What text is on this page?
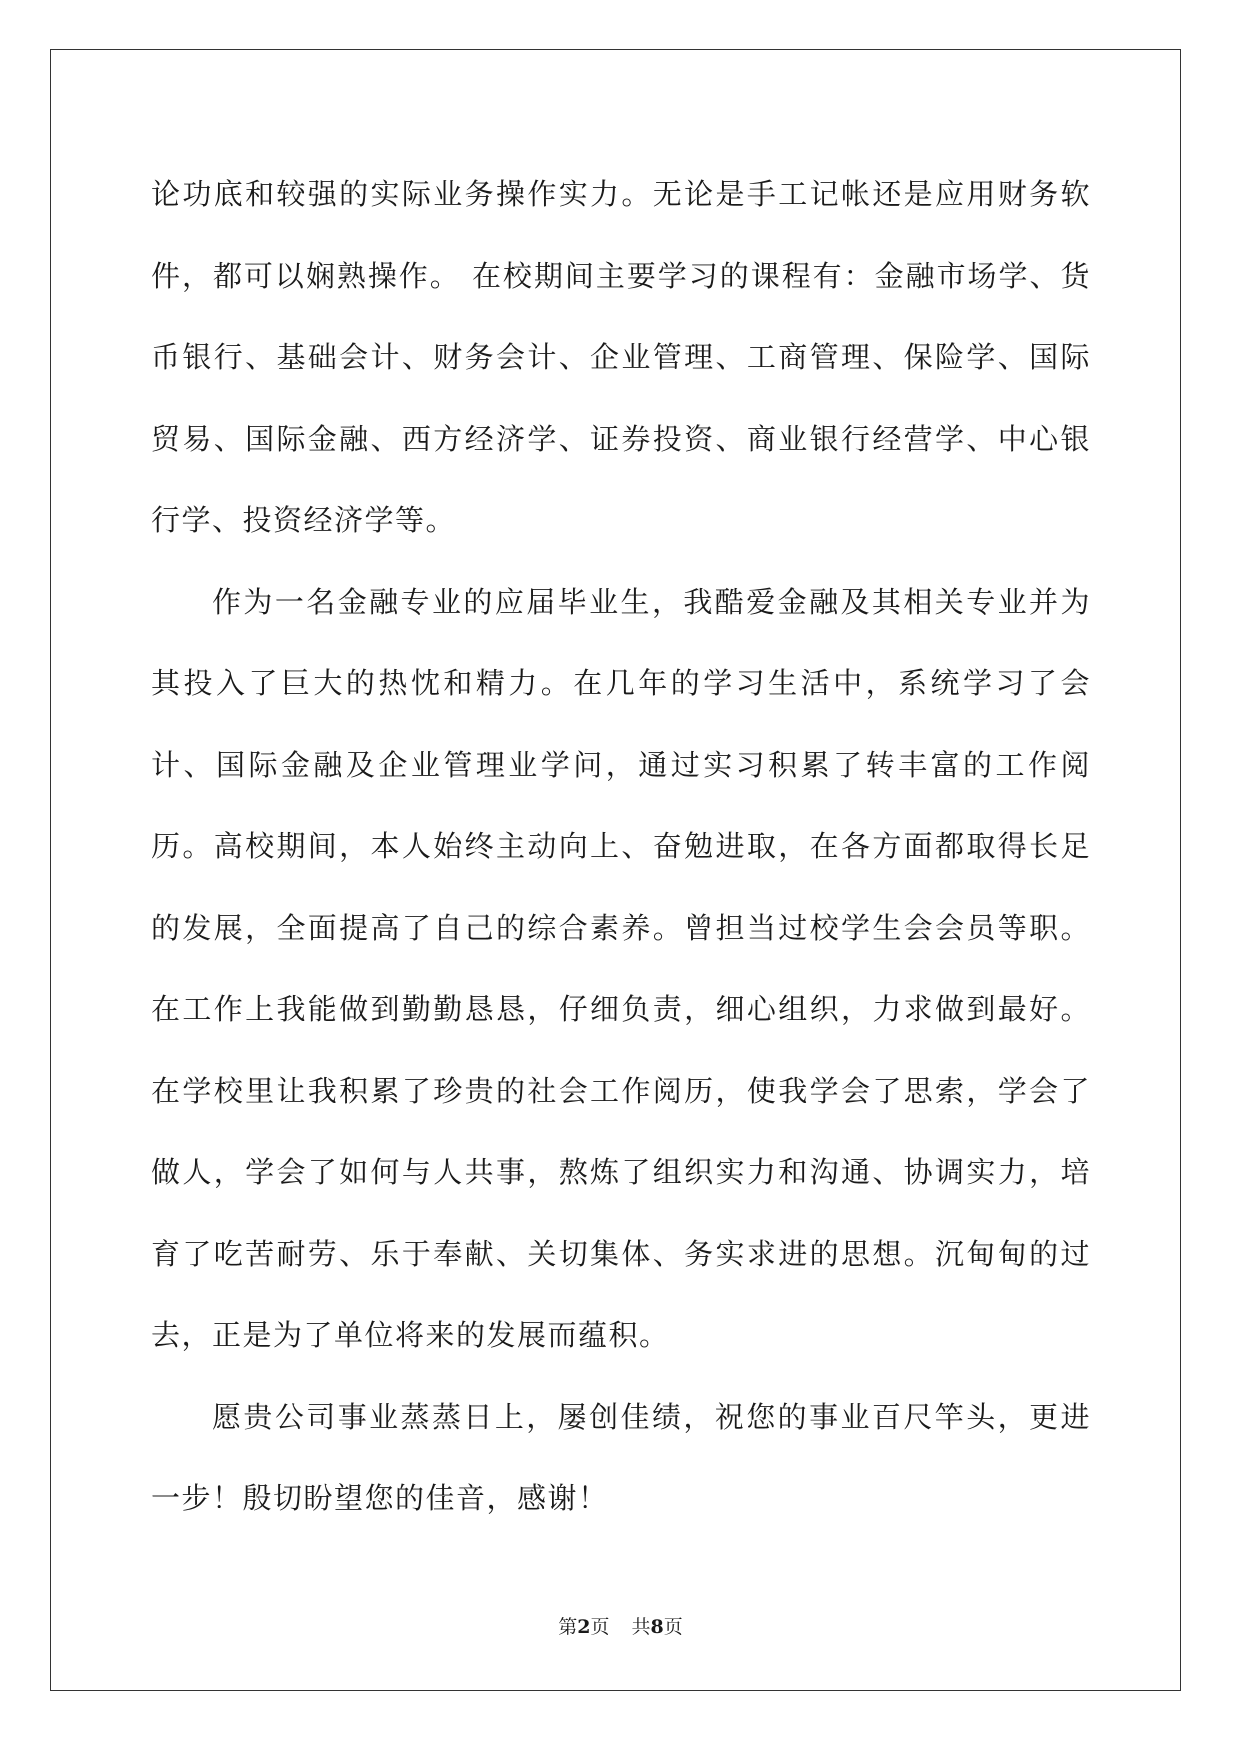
论功底和较强的实际业务操作实力。无论是手工记帐还是应用财务软件，都可以娴熟操作。 在校期间主要学习的课程有：金融市场学、货币银行、基础会计、财务会计、企业管理、工商管理、保险学、国际贸易、国际金融、西方经济学、证券投资、商业银行经营学、中心银行学、投资经济学等。

作为一名金融专业的应届毕业生，我酷爱金融及其相关专业并为其投入了巨大的热忱和精力。在几年的学习生活中，系统学习了会计、国际金融及企业管理业学问，通过实习积累了转丰富的工作阅历。高校期间，本人始终主动向上、奋勉进取，在各方面都取得长足的发展，全面提高了自己的综合素养。曾担当过校学生会会员等职。在工作上我能做到勤勤恳恳，仔细负责，细心组织，力求做到最好。在学校里让我积累了珍贵的社会工作阅历，使我学会了思索，学会了做人，学会了如何与人共事，熬炼了组织实力和沟通、协调实力，培育了吃苦耐劳、乐于奉献、关切集体、务实求进的思想。沉甸甸的过去，正是为了单位将来的发展而蕴积。

愿贵公司事业蒸蒸日上，屡创佳绩，祝您的事业百尺竿头，更进一步！殷切盼望您的佳音，感谢！

第2页 共8页
